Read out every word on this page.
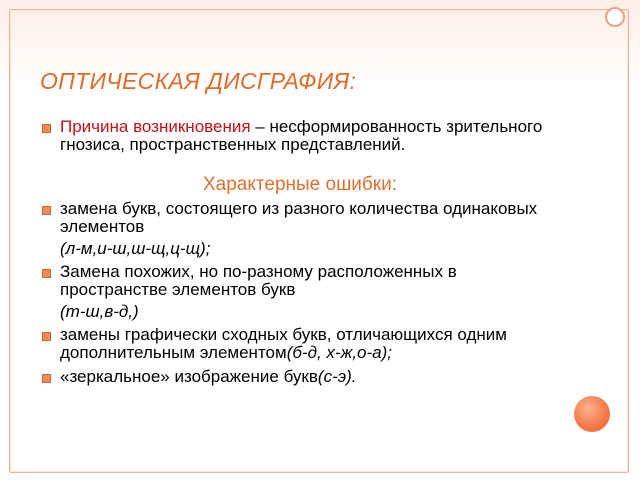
ОПТИЧЕСКАЯ ДИСГРАФИЯ:
Причина возникновения – несформированность зрительного гнозиса, пространственных представлений.
Характерные ошибки:
замена букв, состоящего из разного количества одинаковых элементов
(л-м,и-ш,ш-щ,ц-щ);
Замена похожих, но по-разному расположенных в пространстве элементов букв
(т-ш,в-д,)
замены графически сходных букв, отличающихся одним дополнительным элементом(б-д, х-ж,о-а);
«зеркальное» изображение букв(с-э).
